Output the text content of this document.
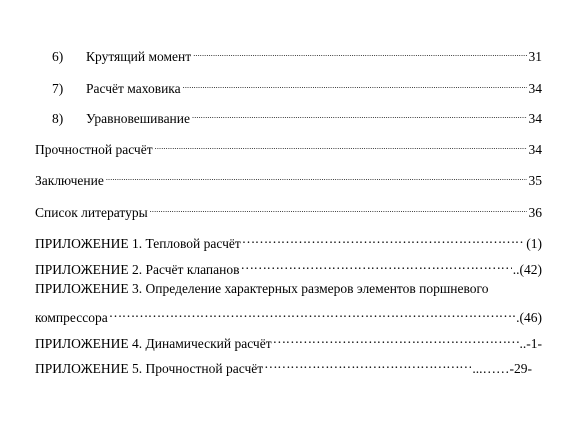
6)	Крутящий момент .....	31
7)	Расчёт маховика .....	34
8)	Уравновешивание .....	34
Прочностной расчёт .....	34
Заключение .....	35
Список литературы .....	36
ПРИЛОЖЕНИЕ 1. Тепловой расчёт ……………………………………………………………………………………………………………………………………………………………………	(1)
ПРИЛОЖЕНИЕ 2. Расчёт клапанов ……………………………………………………………………………………………………………………………………………………………………	..(42)
ПРИЛОЖЕНИЕ 3. Определение характерных размеров элементов поршневого
компрессора ……………………………………………………………………………………………………………………………………………………………………	.(46)
ПРИЛОЖЕНИЕ 4. Динамический расчёт ……………………………………………………………………………………………………………………………………………………………………	..-1-
ПРИЛОЖЕНИЕ 5. Прочностной расчёт ……………………………………………………………………………………………………………………………………………………………………	...……-29-
